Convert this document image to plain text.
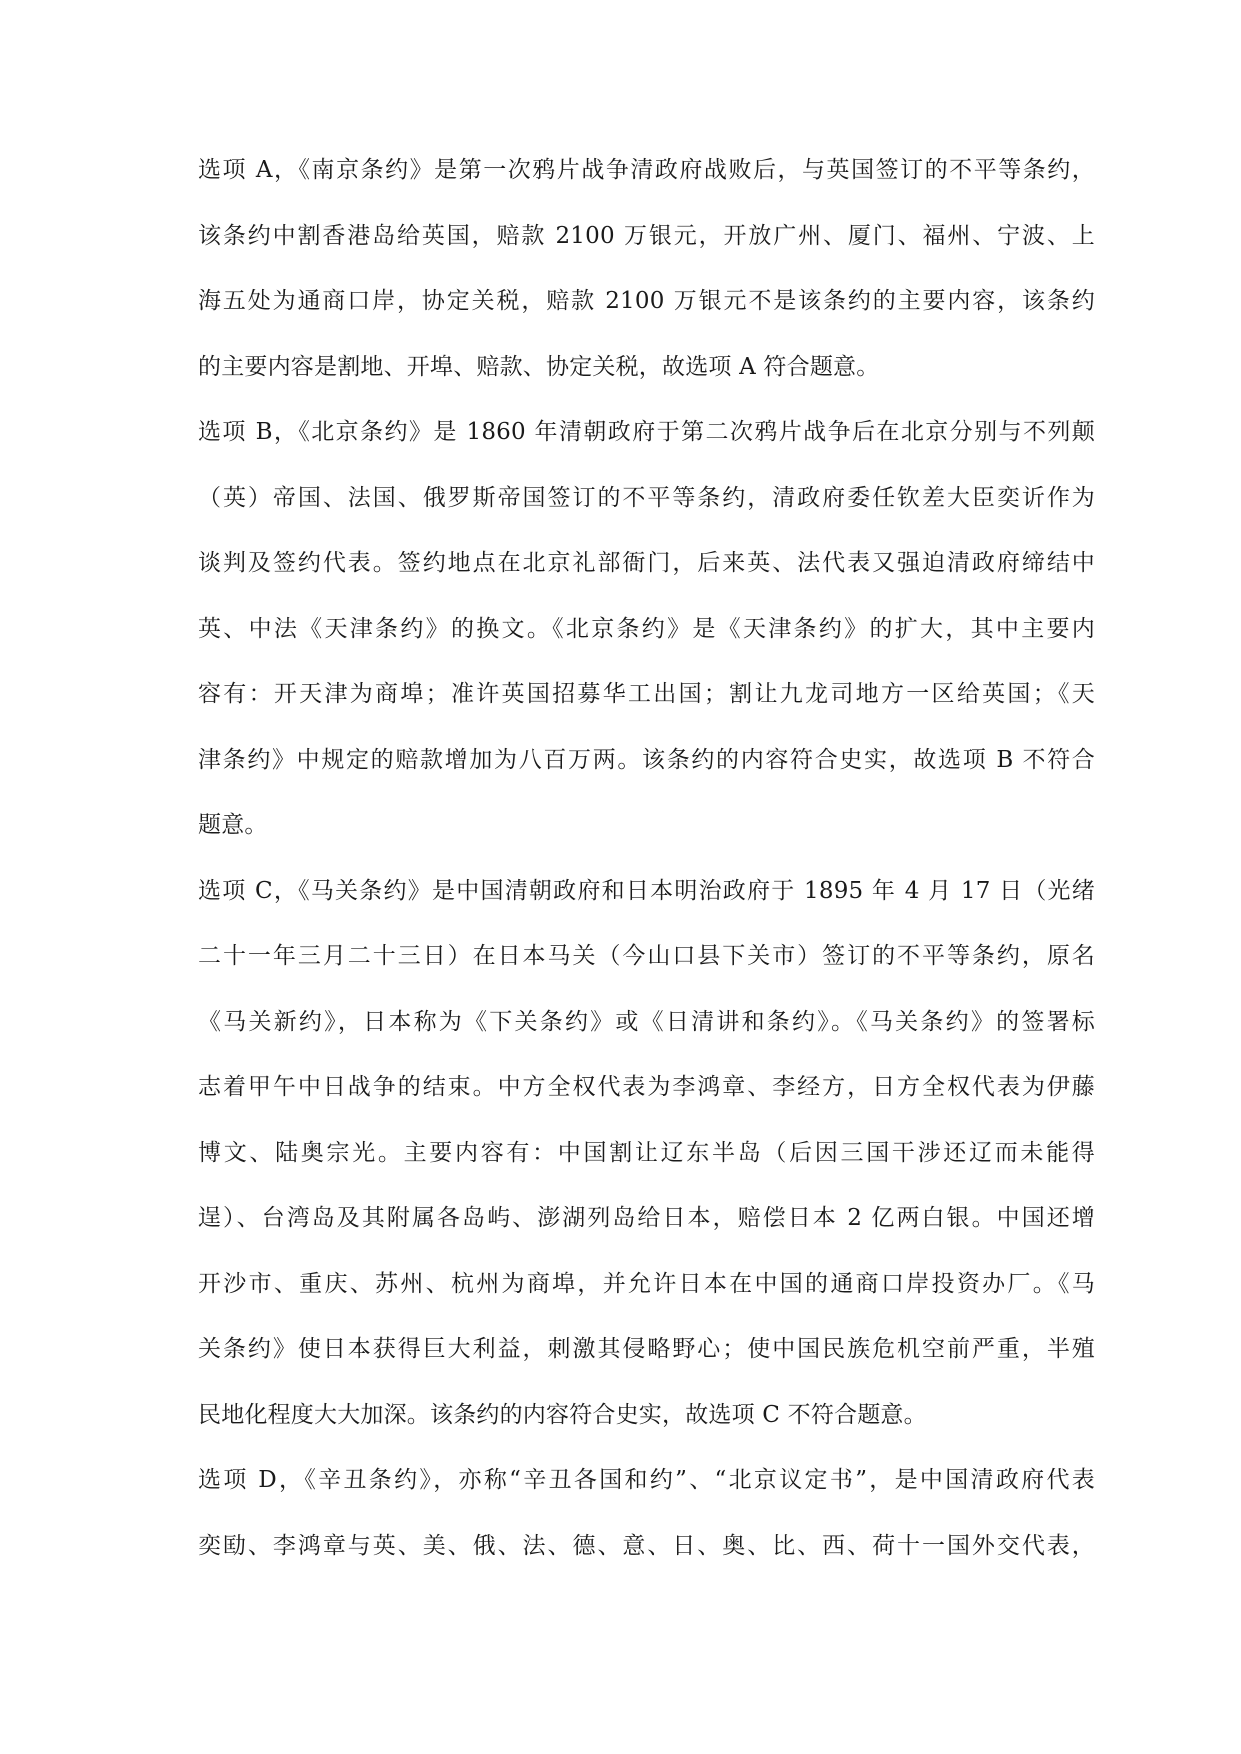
选项 A，《南京条约》是第一次鸦片战争清政府战败后，与英国签订的不平等条约，
该条约中割香港岛给英国，赔款 2100 万银元，开放广州、厦门、福州、宁波、上
海五处为通商口岸，协定关税，赔款 2100 万银元不是该条约的主要内容，该条约
的主要内容是割地、开埠、赔款、协定关税，故选项 A 符合题意。
选项 B，《北京条约》是 1860 年清朝政府于第二次鸦片战争后在北京分别与不列颠
（英）帝国、法国、俄罗斯帝国签订的不平等条约，清政府委任钦差大臣奕䜣作为
谈判及签约代表。签约地点在北京礼部衙门，后来英、法代表又强迫清政府缔结中
英、中法《天津条约》的换文。《北京条约》是《天津条约》的扩大，其中主要内
容有：开天津为商埠；准许英国招募华工出国；割让九龙司地方一区给英国；《天
津条约》中规定的赔款增加为八百万两。该条约的内容符合史实，故选项 B 不符合
题意。
选项 C，《马关条约》是中国清朝政府和日本明治政府于 1895 年 4 月 17 日（光绪
二十一年三月二十三日）在日本马关（今山口县下关市）签订的不平等条约，原名
《马关新约》，日本称为《下关条约》或《日清讲和条约》。《马关条约》的签署标
志着甲午中日战争的结束。中方全权代表为李鸿章、李经方，日方全权代表为伊藤
博文、陆奥宗光。主要内容有：中国割让辽东半岛（后因三国干涉还辽而未能得
逞）、台湾岛及其附属各岛屿、澎湖列岛给日本，赔偿日本 2 亿两白银。中国还增
开沙市、重庆、苏州、杭州为商埠，并允许日本在中国的通商口岸投资办厂。《马
关条约》使日本获得巨大利益，刺激其侵略野心；使中国民族危机空前严重，半殖
民地化程度大大加深。该条约的内容符合史实，故选项 C 不符合题意。
选项 D，《辛丑条约》，亦称“辛丑各国和约”、“北京议定书”，是中国清政府代表
奕劻、李鸿章与英、美、俄、法、德、意、日、奥、比、西、荷十一国外交代表，
